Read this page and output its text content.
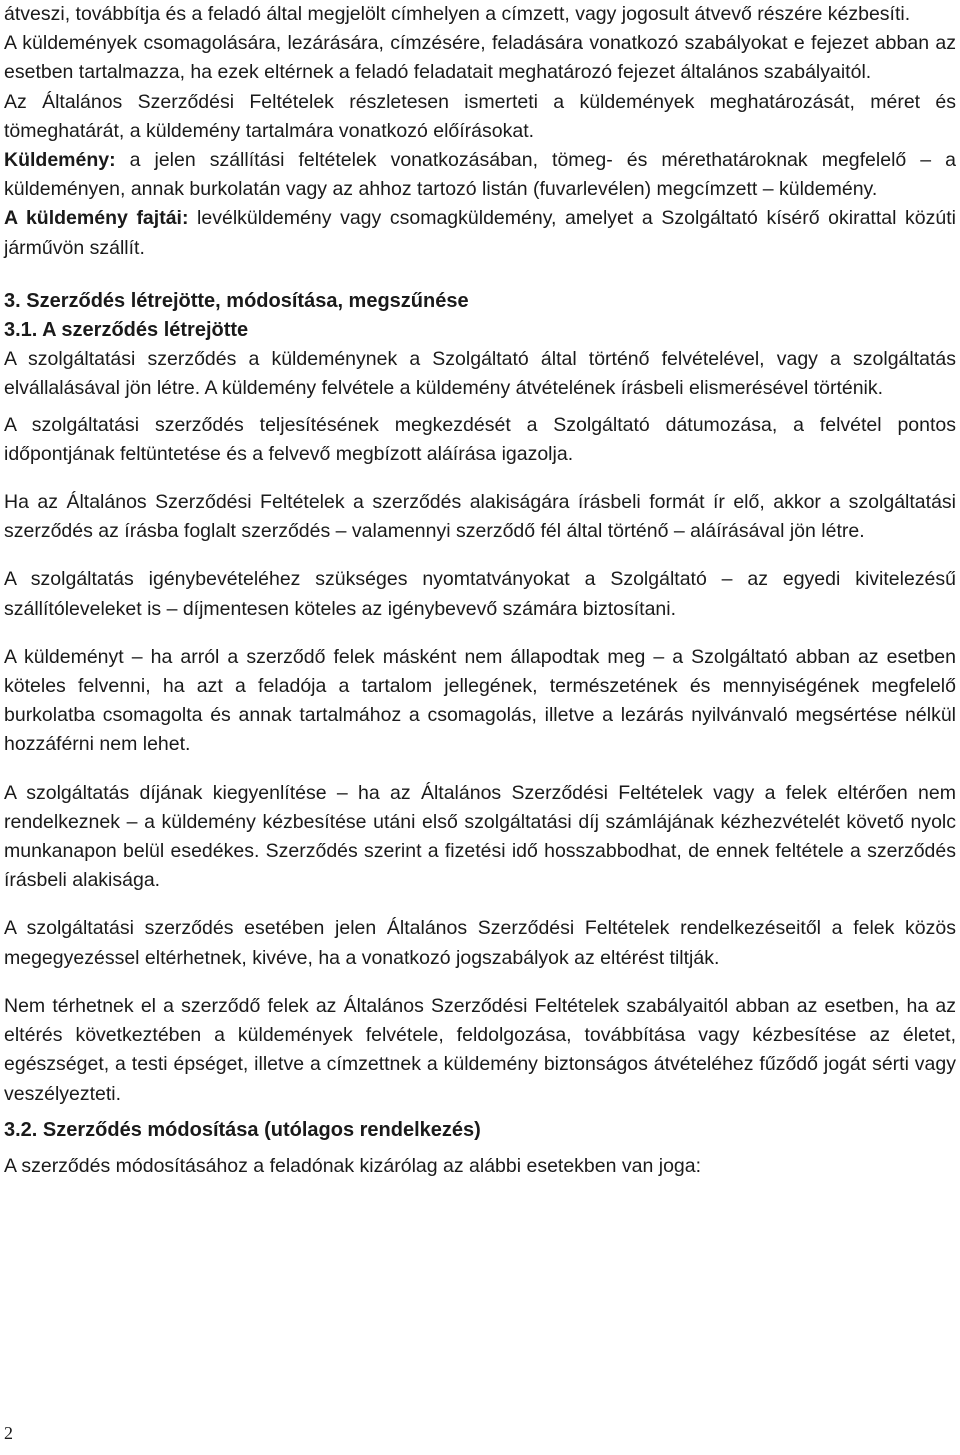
átveszi, továbbítja és a feladó által megjelölt címhelyen a címzett, vagy jogosult átvevő részére kézbesíti.

A küldemények csomagolására, lezárására, címzésére, feladására vonatkozó szabályokat e fejezet abban az esetben tartalmazza, ha ezek eltérnek a feladó feladatait meghatározó fejezet általános szabályaitól.

Az Általános Szerződési Feltételek részletesen ismerteti a küldemények meghatározását, méret és tömeghatárát, a küldemény tartalmára vonatkozó előírásokat.

Küldemény: a jelen szállítási feltételek vonatkozásában, tömeg- és mérethatároknak megfelelő – a küldeményen, annak burkolatán vagy az ahhoz tartozó listán (fuvarlevélen) megcímzett – küldemény.

A küldemény fajtái: levélküldemény vagy csomagküldemény, amelyet a Szolgáltató kísérő okirattal közúti járművön szállít.

3. Szerződés létrejötte, módosítása, megszűnése

3.1. A szerződés létrejötte

A szolgáltatási szerződés a küldeménynek a Szolgáltató által történő felvételével, vagy a szolgáltatás elvállalásával jön létre. A küldemény felvétele a küldemény átvételének írásbeli elismerésével történik.

A szolgáltatási szerződés teljesítésének megkezdését a Szolgáltató dátumozása, a felvétel pontos időpontjának feltüntetése és a felvevő megbízott aláírása igazolja.

Ha az Általános Szerződési Feltételek a szerződés alakiságára írásbeli formát ír elő, akkor a szolgáltatási szerződés az írásba foglalt szerződés – valamennyi szerződő fél által történő – aláírásával jön létre.

A szolgáltatás igénybevételéhez szükséges nyomtatványokat a Szolgáltató – az egyedi kivitelezésű szállítóleveleket is – díjmentesen köteles az igénybevevő számára biztosítani.

A küldeményt – ha arról a szerződő felek másként nem állapodtak meg – a Szolgáltató abban az esetben köteles felvenni, ha azt a feladója a tartalom jellegének, természetének és mennyiségének megfelelő burkolatba csomagolta és annak tartalmához a csomagolás, illetve a lezárás nyilvánvaló megsértése nélkül hozzáférni nem lehet.

A szolgáltatás díjának kiegyenlítése – ha az Általános Szerződési Feltételek vagy a felek eltérően nem rendelkeznek – a küldemény kézbesítése utáni első szolgáltatási díj számlájának kézhezvételét követő nyolc munkanapon belül esedékes. Szerződés szerint a fizetési idő hosszabbodhat, de ennek feltétele a szerződés írásbeli alakisága.

A szolgáltatási szerződés esetében jelen Általános Szerződési Feltételek rendelkezéseitől a felek közös megegyezéssel eltérhetnek, kivéve, ha a vonatkozó jogszabályok az eltérést tiltják.

Nem térhetnek el a szerződő felek az Általános Szerződési Feltételek szabályaitól abban az esetben, ha az eltérés következtében a küldemények felvétele, feldolgozása, továbbítása vagy kézbesítése az életet, egészséget, a testi épséget, illetve a címzettnek a küldemény biztonságos átvételéhez fűződő jogát sérti vagy veszélyezteti.

3.2. Szerződés módosítása (utólagos rendelkezés)

A szerződés módosításához a feladónak kizárólag az alábbi esetekben van joga:

2
